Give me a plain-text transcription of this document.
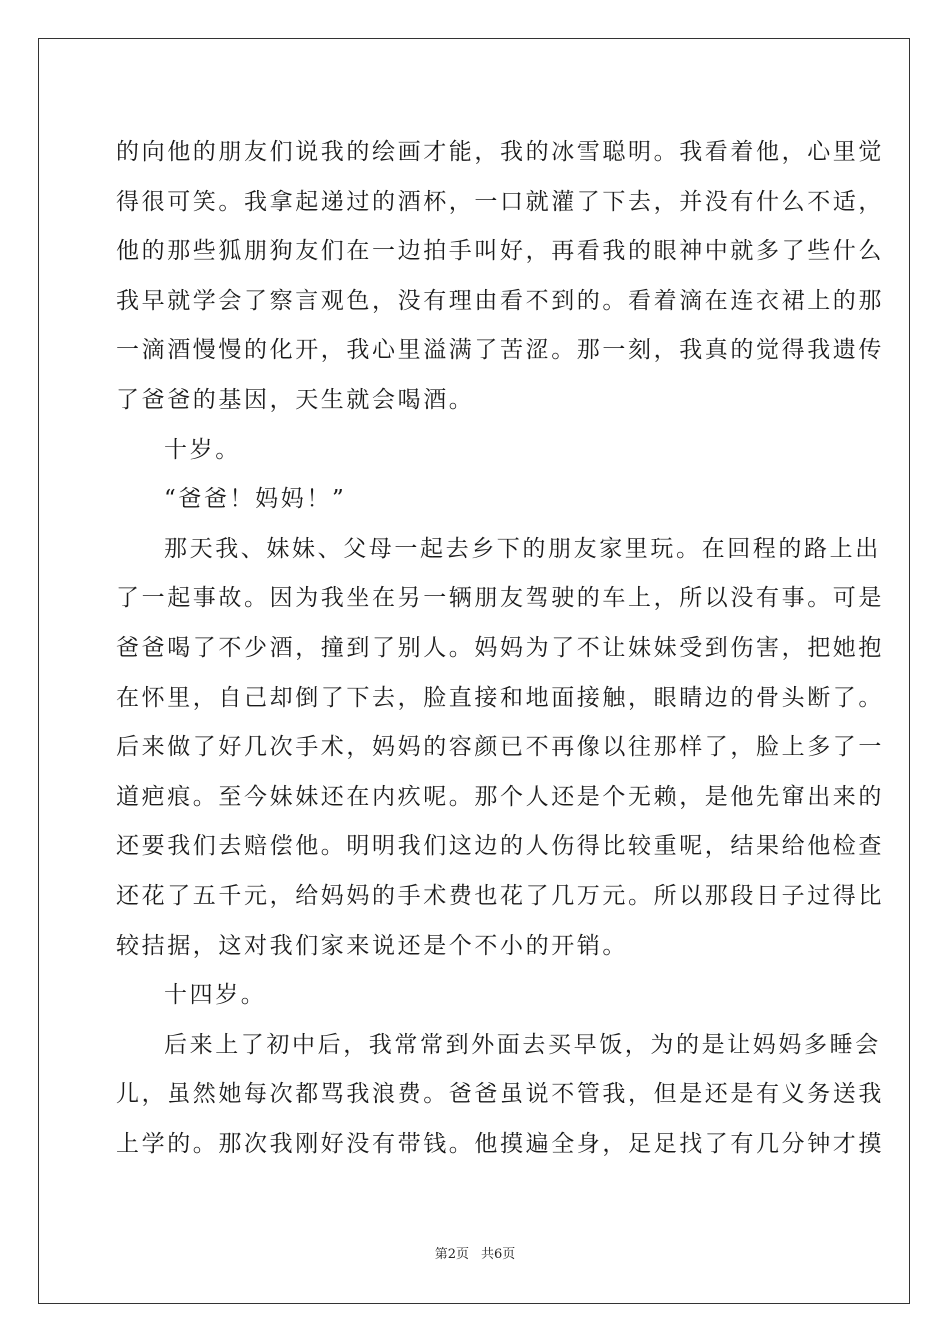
的向他的朋友们说我的绘画才能，我的冰雪聪明。我看着他，心里觉
得很可笑。我拿起递过的酒杯，一口就灌了下去，并没有什么不适，
他的那些狐朋狗友们在一边拍手叫好，再看我的眼神中就多了些什么
我早就学会了察言观色，没有理由看不到的。看着滴在连衣裙上的那
一滴酒慢慢的化开，我心里溢满了苦涩。那一刻，我真的觉得我遗传
了爸爸的基因，天生就会喝酒。
十岁。
“爸爸！妈妈！”
那天我、妹妹、父母一起去乡下的朋友家里玩。在回程的路上出
了一起事故。因为我坐在另一辆朋友驾驶的车上，所以没有事。可是
爸爸喝了不少酒，撞到了别人。妈妈为了不让妹妹受到伤害，把她抱
在怀里，自己却倒了下去，脸直接和地面接触，眼睛边的骨头断了。
后来做了好几次手术，妈妈的容颜已不再像以往那样了，脸上多了一
道疤痕。至今妹妹还在内疚呢。那个人还是个无赖，是他先窜出来的
还要我们去赔偿他。明明我们这边的人伤得比较重呢，结果给他检查
还花了五千元，给妈妈的手术费也花了几万元。所以那段日子过得比
较拮据，这对我们家来说还是个不小的开销。
十四岁。
后来上了初中后，我常常到外面去买早饭，为的是让妈妈多睡会
儿，虽然她每次都骂我浪费。爸爸虽说不管我，但是还是有义务送我
上学的。那次我刚好没有带钱。他摸遍全身，足足找了有几分钟才摸
第2页 共6页
